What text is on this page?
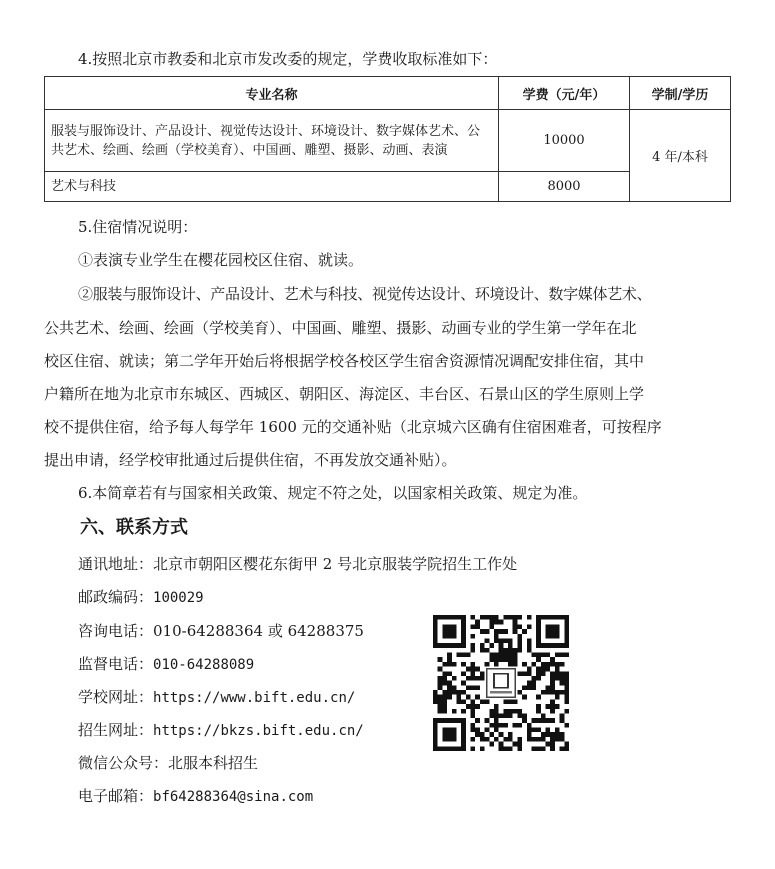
4.按照北京市教委和北京市发改委的规定，学费收取标准如下：
专业名称	学费（元/年）	学制/学历
服装与服饰设计、产品设计、视觉传达设计、环境设计、数字媒体艺术、公共艺术、绘画、绘画（学校美育）、中国画、雕塑、摄影、动画、表演	10000	4 年/本科
艺术与科技	8000	
5.住宿情况说明：
①表演专业学生在樱花园校区住宿、就读。
②服装与服饰设计、产品设计、艺术与科技、视觉传达设计、环境设计、数字媒体艺术、
公共艺术、绘画、绘画（学校美育）、中国画、雕塑、摄影、动画专业的学生第一学年在北
校区住宿、就读；第二学年开始后将根据学校各校区学生宿舍资源情况调配安排住宿，其中
户籍所在地为北京市东城区、西城区、朝阳区、海淀区、丰台区、石景山区的学生原则上学
校不提供住宿，给予每人每学年 1600 元的交通补贴（北京城六区确有住宿困难者，可按程序
提出申请，经学校审批通过后提供住宿，不再发放交通补贴）。
6.本简章若有与国家相关政策、规定不符之处，以国家相关政策、规定为准。
六、联系方式
通讯地址：北京市朝阳区樱花东街甲 2 号北京服装学院招生工作处
邮政编码：100029
咨询电话：010-64288364 或 64288375
监督电话：010-64288089
学校网址：https://www.bift.edu.cn/
招生网址：https://bkzs.bift.edu.cn/
微信公众号：北服本科招生
电子邮箱：bf64288364@sina.com
